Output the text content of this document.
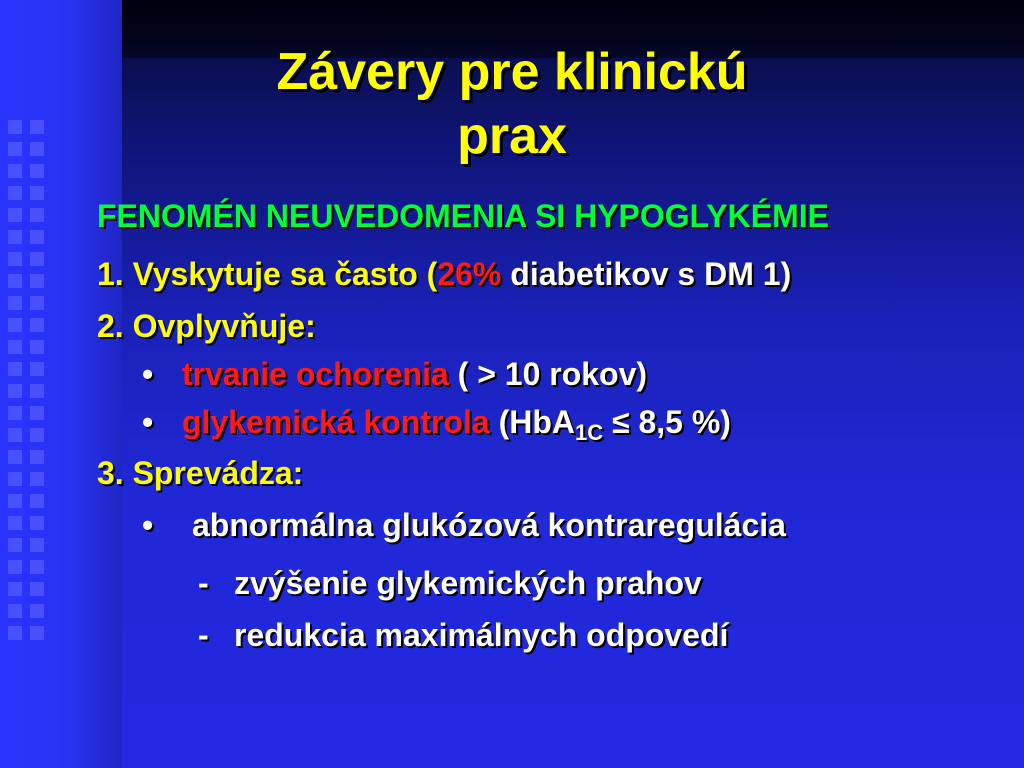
Závery pre klinickú
prax
FENOMÉN NEUVEDOMENIA SI HYPOGLYKÉMIE
1. Vyskytuje sa často (26% diabetikov s DM 1)
2. Ovplyvňuje:
• trvanie ochorenia ( > 10 rokov)
• glykemická kontrola (HbA$_{1C}$ ≤ 8,5 %)
3. Sprevádza:
• abnormálna glukózová kontraregulácia
- zvýšenie glykemických prahov
- redukcia maximálnych odpovedí
